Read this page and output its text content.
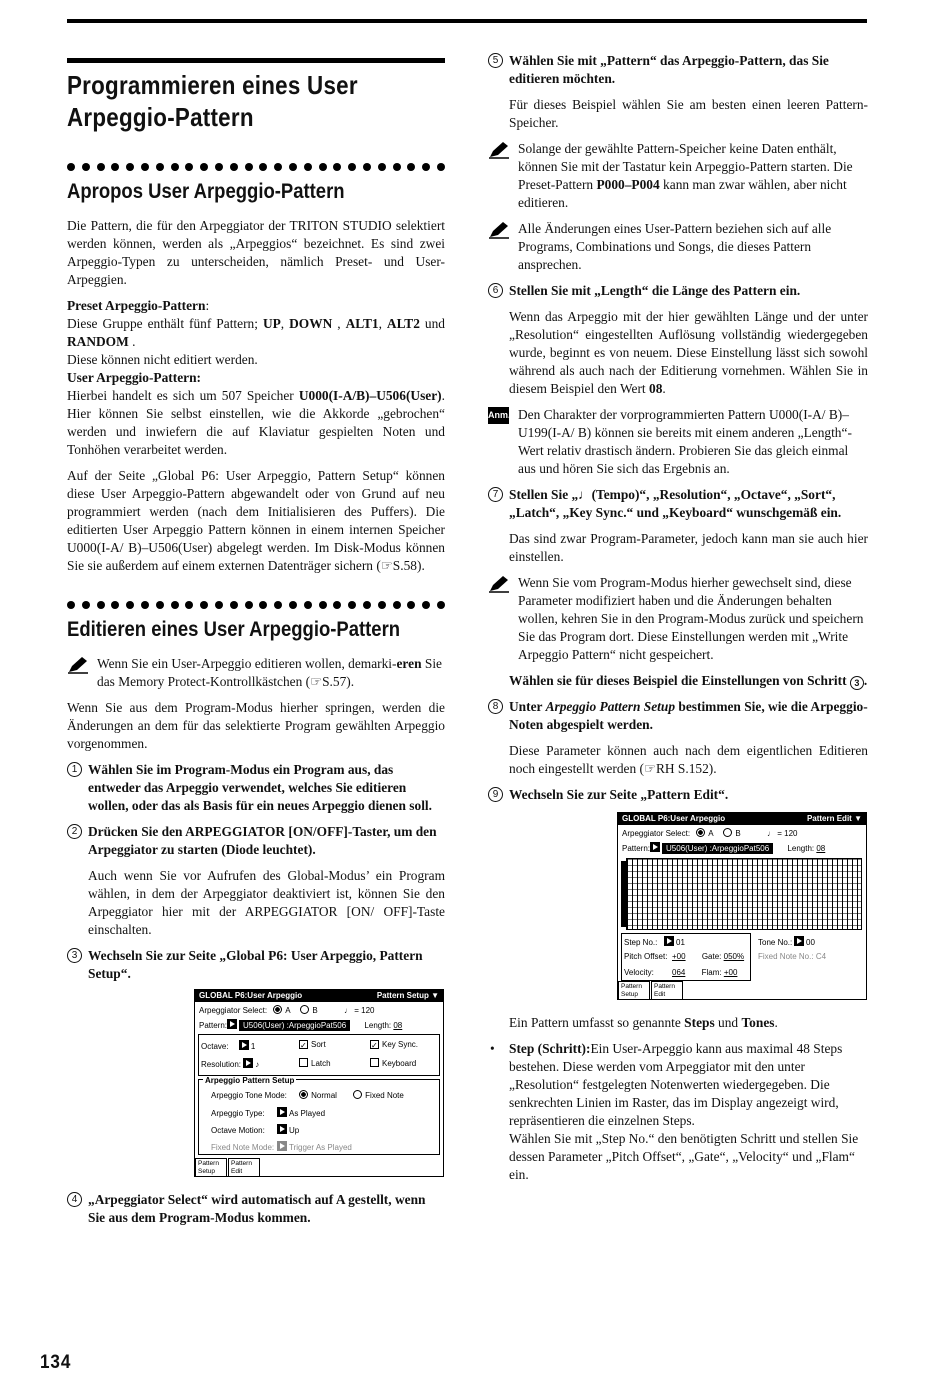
Programmieren eines User
Arpeggio-Pattern
Apropos User Arpeggio-Pattern

Die Pattern, die für den Arpeggiator der TRITON STUDIO selektiert werden können, werden als „Arpeggios“ bezeichnet. Es sind zwei Arpeggio-Typen zu unterscheiden, nämlich Preset- und User-Arpeggien.

Preset Arpeggio-Pattern:
Diese Gruppe enthält fünf Pattern; UP, DOWN , ALT1, ALT2 und RANDOM .
Diese können nicht editiert werden.
User Arpeggio-Pattern:
Hierbei handelt es sich um 507 Speicher U000(I-A/B)–U506(User). Hier können Sie selbst einstellen, wie die Akkorde „gebrochen“ werden und inwiefern die auf Klaviatur gespielten Noten und Tonhöhen verarbeitet werden.

Auf der Seite „Global P6: User Arpeggio, Pattern Setup“ können diese User Arpeggio-Pattern abgewandelt oder von Grund auf neu programmiert werden (nach dem Initialisieren des Puffers). Die editierten User Arpeggio Pattern können in einem internen Speicher U000(I-A/ B)–U506(User) abgelegt werden. Im Disk-Modus können Sie sie außerdem auf einem externen Datenträger sichern (☞S.58).

Editieren eines User Arpeggio-Pattern
Wenn Sie ein User-Arpeggio editieren wollen, demarki-eren Sie das Memory Protect-Kontrollkästchen (☞S.57).

Wenn Sie aus dem Program-Modus hierher springen, werden die Änderungen an dem für das selektierte Program gewählten Arpeggio vorgenommen.

1 Wählen Sie im Program-Modus ein Program aus, das entweder das Arpeggio verwendet, welches Sie editieren wollen, oder das als Basis für ein neues Arpeggio dienen soll.
2 Drücken Sie den ARPEGGIATOR [ON/OFF]-Taster, um den Arpeggiator zu starten (Diode leuchtet).

Auch wenn Sie vor Aufrufen des Global-Modus’ ein Program wählen, in dem der Arpeggiator deaktiviert ist, können Sie den Arpeggiator hier mit der ARPEGGIATOR [ON/ OFF]-Taste einschalten.

3 Wechseln Sie zur Seite „Global P6: User Arpeggio, Pattern Setup“.
GLOBAL P6:User Arpeggio	Pattern Setup ▼
Arpeggiator Select: A	B	♩ = 120
Pattern: U506(User) :ArpeggioPat506 Length: 08
Octave:	1	✓ Sort	✓ Key Sync.
Resolution: ♪	Latch	Keyboard
Arpeggio Pattern Setup
Arpeggio Tone Mode:	Normal	Fixed Note
Arpeggio Type:	As Played
Octave Motion:	Up
Fixed Note Mode: Trigger As Played
Pattern Setup
Pattern Edit
4 „Arpeggiator Select“ wird automatisch auf A gestellt, wenn Sie aus dem Program-Modus kommen.
5 Wählen Sie mit „Pattern“ das Arpeggio-Pattern, das Sie editieren möchten.

Für dieses Beispiel wählen Sie am besten einen leeren Pattern-Speicher.

Solange der gewählte Pattern-Speicher keine Daten enthält, können Sie mit der Tastatur kein Arpeggio-Pattern starten. Die Preset-Pattern P000–P004 kann man zwar wählen, aber nicht editieren.
Alle Änderungen eines User-Pattern beziehen sich auf alle Programs, Combinations und Songs, die dieses Pattern ansprechen.
6 Stellen Sie mit „Length“ die Länge des Pattern ein.

Wenn das Arpeggio mit der hier gewählten Länge und der unter „Resolution“ eingestellten Auflösung vollständig wiedergegeben wurde, beginnt es von neuem. Diese Einstellung lässt sich sowohl während als auch nach der Editierung vornehmen. Wählen Sie in diesem Beispiel den Wert 08.

Anm. Den Charakter der vorprogrammierten Pattern U000(I-A/ B)–U199(I-A/ B) können sie bereits mit einem anderen „Length“-Wert relativ drastisch ändern. Probieren Sie das gleich einmal aus und hören Sie sich das Ergebnis an.
7 Stellen Sie „♩(Tempo)“, „Resolution“, „Octave“, „Sort“, „Latch“, „Key Sync.“ und „Keyboard“ wunschgemäß ein.

Das sind zwar Program-Parameter, jedoch kann man sie auch hier einstellen.

Wenn Sie vom Program-Modus hierher gewechselt sind, diese Parameter modifiziert haben und die Änderungen behalten wollen, kehren Sie in den Program-Modus zurück und speichern Sie das Program dort. Diese Einstellungen werden mit „Write Arpeggio Pattern“ nicht gespeichert.

Wählen sie für dieses Beispiel die Einstellungen von Schritt 3 .

8 Unter Arpeggio Pattern Setup bestimmen Sie, wie die Arpeggio-Noten abgespielt werden.

Diese Parameter können auch nach dem eigentlichen Editieren noch eingestellt werden (☞RH S.152).

9 Wechseln Sie zur Seite „Pattern Edit“.
GLOBAL P6:User Arpeggio	Pattern Edit ▼
Arpeggiator Select: A	B	♩ = 120
Pattern: U506(User) :ArpeggioPat506 Length: 08
Step No.: 01
Pitch Offset: +00 Gate: 050%
Velocity: 064 Flam: +00
Tone No.: 00
Fixed Note No.: C4
Pattern Setup
Pattern Edit

Ein Pattern umfasst so genannte Steps und Tones.

• Step (Schritt):Ein User-Arpeggio kann aus maximal 48 Steps bestehen. Diese werden vom Arpeggiator mit den unter „Resolution“ festgelegten Notenwerten wiedergegeben. Die senkrechten Linien im Raster, das im Display angezeigt wird, repräsentieren die einzelnen Steps.
Wählen Sie mit „Step No.“ den benötigten Schritt und stellen Sie dessen Parameter „Pitch Offset“, „Gate“, „Velocity“ und „Flam“ ein.
134
